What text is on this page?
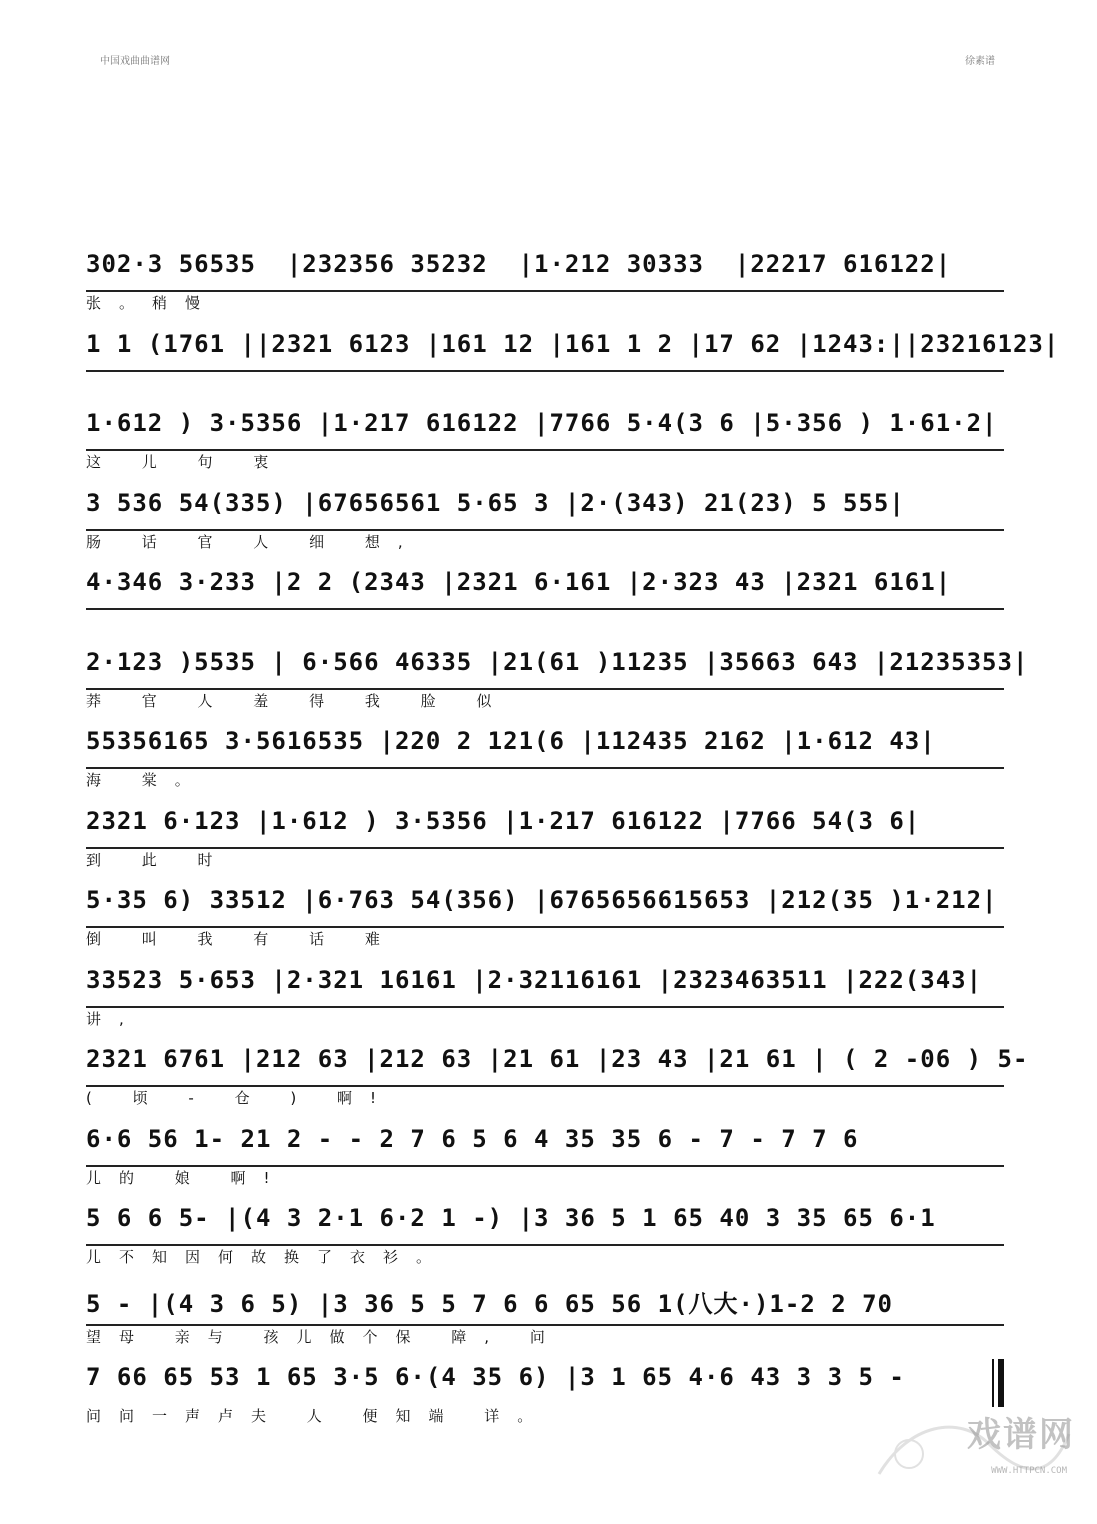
中国戏曲曲谱网	徐素谱
302·3 56535  |232356 35232  |1·212 30333  |22217 616122|
张。稍慢
1 1 (1761 ||2321 6123 |161 12 |161 1 2 |17 62 |1243:||23216123|
1·612 ) 3·5356 |1·217 616122 |7766 5·4(3 6 |5·356 ) 1·61·2|
这 儿 句 衷
3 536 54(335) |67656561 5·65 3 |2·(343) 21(23) 5 555|
肠 话 官 人 细 想,
4·346 3·233 |2 2 (2343 |2321 6·161 |2·323 43 |2321 6161|
2·123 )5535 | 6·566 46335 |21(61 )11235 |35663 643 |21235353|
莽 官 人 羞 得 我 脸 似
55356165 3·5616535 |220 2 121(6 |112435 2162 |1·612 43|
海 棠。
2321 6·123 |1·612 ) 3·5356 |1·217 616122 |7766 54(3 6|
到 此 时
5·35 6) 33512 |6·763 54(356) |6765656615653 |212(35 )1·212|
倒 叫 我 有 话 难
33523 5·653 |2·321 16161 |2·32116161 |2323463511 |222(343|
讲,
2321 6761 |212 63 |212 63 |21 61 |23 43 |21 61 | ( 2 -06 ) 5-
( 顷 - 仓 ) 啊!
6·6 56 1- 21 2 - - 2 7 6 5 6 4 35 35 6 - 7 - 7 7 6
儿的 娘 啊!
5 6 6 5- |(4 3 2·1 6·2 1 -) |3 36 5 1 65 40 3 35 65 6·1
儿不知因何故换了衣衫。
5 - |(4 3 6 5) |3 36 5 5 7 6 6 65 56 1(八大·)1-2 2 70
望母 亲与 孩儿做个保 障, 问
7 66 65 53 1 65 3·5 6·(4 35 6) |3 1 65 4·6 43 3 3 5 -
问问一声卢夫 人 便知端 详。	戏谱网
WWW.HTTPCN.COM
